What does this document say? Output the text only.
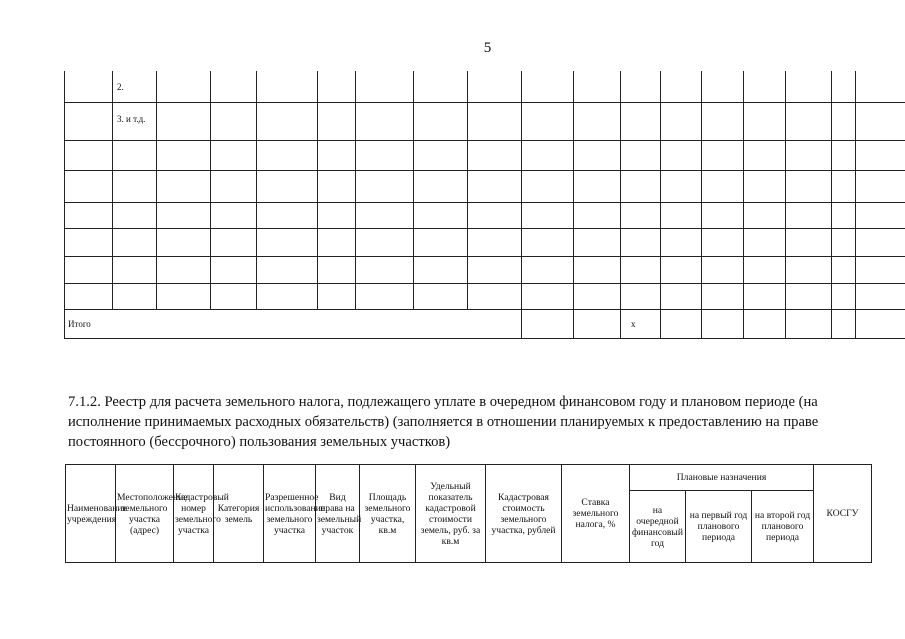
5
	2.																
	3. и т.д.																

Итого											х						
7.1.2. Реестр для расчета земельного налога, подлежащего уплате в очередном финансовом году и плановом периоде (на исполнение принимаемых расходных обязательств) (заполняется в отношении планируемых к предоставлению на праве постоянного (бессрочного) пользования земельных участков)
Наименование учреждения	Местоположение земельного участка (адрес)	Кадастровый номер земельного участка	Категория земель	Разрешенное использование земельного участка	Вид права на земельный участок	Площадь земельного участка, кв.м	Удельный показатель кадастровой стоимости земель, руб. за кв.м	Кадастровая стоимость земельного участка, рублей	Ставка земельного налога, %	Плановые назначения			КОСГУ
										на очередной финансовый год	на первый год планового периода	на второй год планового периода	
